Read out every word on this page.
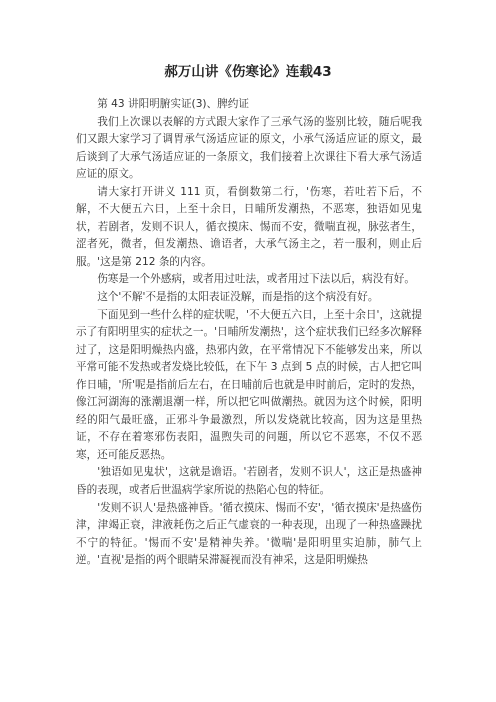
郝万山讲《伤寒论》连载43

第 43 讲阳明腑实证(3)、脾约证

我们上次课以表解的方式跟大家作了三承气汤的鉴别比较，随后呢我们又跟大家学习了调胃承气汤适应证的原文，小承气汤适应证的原文，最后谈到了大承气汤适应证的一条原文，我们接着上次课往下看大承气汤适应证的原文。

请大家打开讲义 111 页，看倒数第二行，'伤寒，若吐若下后，不解，不大便五六日，上至十余日，日晡所发潮热，不恶寒，独语如见鬼状，若剧者，发则不识人，循衣摸床、惕而不安，微喘直视，脉弦者生，涩者死，微者，但发潮热、谵语者，大承气汤主之，若一服利，则止后服。'这是第 212 条的内容。

伤寒是一个外感病，或者用过吐法，或者用过下法以后，病没有好。

这个'不解'不是指的太阳表证没解，而是指的这个病没有好。

下面见到一些什么样的症状呢，'不大便五六日，上至十余日'，这就提示了有阳明里实的症状之一。'日晡所发潮热'，这个症状我们已经多次解释过了，这是阳明燥热内盛，热邪内敛，在平常情况下不能够发出来，所以平常可能不发热或者发烧比较低，在下午 3 点到 5 点的时候，古人把它叫作日晡，'所'呢是指前后左右，在日晡前后也就是申时前后，定时的发热，像江河湖海的涨潮退潮一样，所以把它叫做潮热。就因为这个时候，阳明经的阳气最旺盛，正邪斗争最激烈，所以发烧就比较高，因为这是里热证，不存在着寒邪伤表阳，温煦失司的问题，所以它不恶寒，不仅不恶寒，还可能反恶热。

'独语如见鬼状'，这就是谵语。'若剧者，发则不识人'，这正是热盛神昏的表现，或者后世温病学家所说的热陷心包的特征。

'发则不识人'是热盛神昏。'循衣摸床、惕而不安'，'循衣摸床'是热盛伤津，津竭正衰，津液耗伤之后正气虚衰的一种表现，出现了一种热盛躁扰不宁的特征。'惕而不安'是精神失养。'微喘'是阳明里实迫肺，肺气上逆。'直视'是指的两个眼睛呆滞凝视而没有神采，这是阳明燥热
